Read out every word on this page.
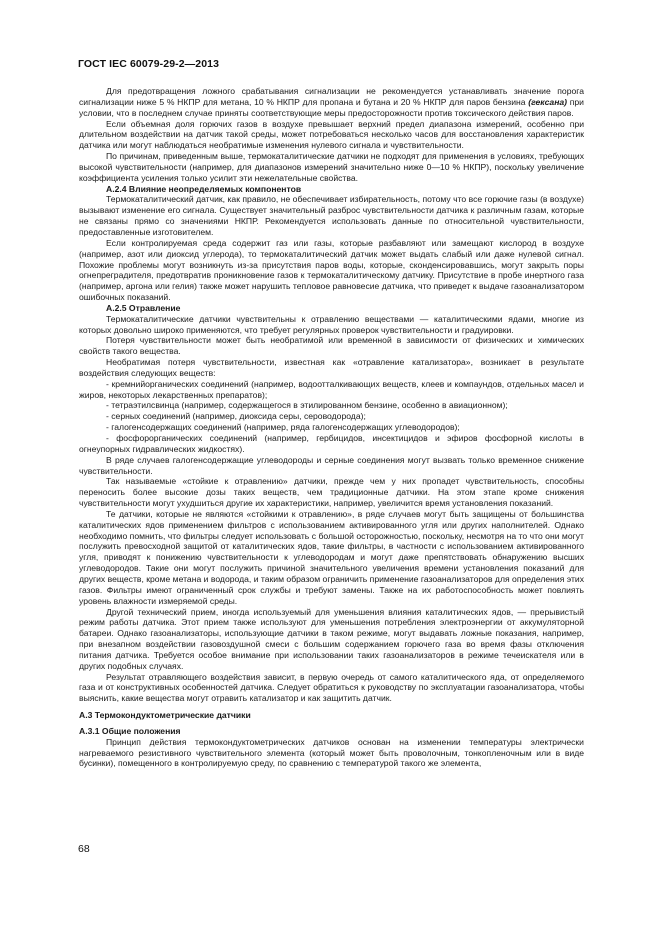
ГОСТ IEC 60079-29-2—2013

Для предотвращения ложного срабатывания сигнализации не рекомендуется устанавливать значение порога сигнализации ниже 5 % НКПР для метана, 10 % НКПР для пропана и бутана и 20 % НКПР для паров бензина (гексана) при условии, что в последнем случае приняты соответствующие меры предосторожности против токсического действия паров.

Если объемная доля горючих газов в воздухе превышает верхний предел диапазона измерений, особенно при длительном воздействии на датчик такой среды, может потребоваться несколько часов для восстановления характеристик датчика или могут наблюдаться необратимые изменения нулевого сигнала и чувствительности.

По причинам, приведенным выше, термокаталитические датчики не подходят для применения в условиях, требующих высокой чувствительности (например, для диапазонов измерений значительно ниже 0—10 % НКПР), поскольку увеличение коэффициента усиления только усилит эти нежелательные свойства.

А.2.4 Влияние неопределяемых компонентов

Термокаталитический датчик, как правило, не обеспечивает избирательность, потому что все горючие газы (в воздухе) вызывают изменение его сигнала. Существует значительный разброс чувствительности датчика к различным газам, которые не связаны прямо со значениями НКПР. Рекомендуется использовать данные по относительной чувствительности, предоставленные изготовителем.

Если контролируемая среда содержит газ или газы, которые разбавляют или замещают кислород в воздухе (например, азот или диоксид углерода), то термокаталитический датчик может выдать слабый или даже нулевой сигнал. Похожие проблемы могут возникнуть из-за присутствия паров воды, которые, сконденсировавшись, могут закрыть поры огнепреградителя, предотвратив проникновение газов к термокаталитическому датчику. Присутствие в пробе инертного газа (например, аргона или гелия) также может нарушить тепловое равновесие датчика, что приведет к выдаче газоанализатором ошибочных показаний.

А.2.5 Отравление

Термокаталитические датчики чувствительны к отравлению веществами — каталитическими ядами, многие из которых довольно широко применяются, что требует регулярных проверок чувствительности и градуировки.

Потеря чувствительности может быть необратимой или временной в зависимости от физических и химических свойств такого вещества.

Необратимая потеря чувствительности, известная как «отравление катализатора», возникает в результате воздействия следующих веществ:

- кремнийорганических соединений (например, водоотталкивающих веществ, клеев и компаундов, отдельных масел и жиров, некоторых лекарственных препаратов);

- тетраэтилсвинца (например, содержащегося в этилированном бензине, особенно в авиационном);

- серных соединений (например, диоксида серы, сероводорода);

- галогенсодержащих соединений (например, ряда галогенсодержащих углеводородов);

- фосфорорганических соединений (например, гербицидов, инсектицидов и эфиров фосфорной кислоты в огнеупорных гидравлических жидкостях).

В ряде случаев галогенсодержащие углеводороды и серные соединения могут вызвать только временное снижение чувствительности.

Так называемые «стойкие к отравлению» датчики, прежде чем у них пропадет чувствительность, способны переносить более высокие дозы таких веществ, чем традиционные датчики. На этом этапе кроме снижения чувствительности могут ухудшиться другие их характеристики, например, увеличится время установления показаний.

Те датчики, которые не являются «стойкими к отравлению», в ряде случаев могут быть защищены от большинства каталитических ядов применением фильтров с использованием активированного угля или других наполнителей. Однако необходимо помнить, что фильтры следует использовать с большой осторожностью, поскольку, несмотря на то что они могут послужить превосходной защитой от каталитических ядов, такие фильтры, в частности с использованием активированного угля, приводят к понижению чувствительности к углеводородам и могут даже препятствовать обнаружению высших углеводородов. Такие они могут послужить причиной значительного увеличения времени установления показаний для других веществ, кроме метана и водорода, и таким образом ограничить применение газоанализаторов для определения этих газов. Фильтры имеют ограниченный срок службы и требуют замены. Также на их работоспособность может повлиять уровень влажности измеряемой среды.

Другой технический прием, иногда используемый для уменьшения влияния каталитических ядов, — прерывистый режим работы датчика. Этот прием также используют для уменьшения потребления электроэнергии от аккумуляторной батареи. Однако газоанализаторы, использующие датчики в таком режиме, могут выдавать ложные показания, например, при внезапном воздействии газовоздушной смеси с большим содержанием горючего газа во время фазы отключения питания датчика. Требуется особое внимание при использовании таких газоанализаторов в режиме течеискателя или в других подобных случаях.

Результат отравляющего воздействия зависит, в первую очередь от самого каталитического яда, от определяемого газа и от конструктивных особенностей датчика. Следует обратиться к руководству по эксплуатации газоанализатора, чтобы выяснить, какие вещества могут отравить катализатор и как защитить датчик.

А.3 Термокондуктометрические датчики
А.3.1 Общие положения

Принцип действия термокондуктометрических датчиков основан на изменении температуры электрически нагреваемого резистивного чувствительного элемента (который может быть проволочным, тонкопленочным или в виде бусинки), помещенного в контролируемую среду, по сравнению с температурой такого же элемента,

68
